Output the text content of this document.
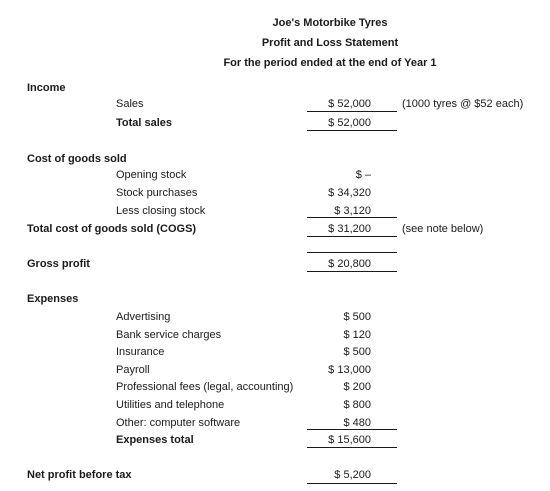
Joe's Motorbike Tyres
Profit and Loss Statement
For the period ended at the end of Year 1
Income
Sales	$ 52,000	(1000 tyres @ $52 each)
Total sales	$ 52,000
Cost of goods sold
Opening stock	$ –
Stock purchases	$ 34,320
Less closing stock	$ 3,120
Total cost of goods sold (COGS)	$ 31,200	(see note below)
Gross profit	$ 20,800
Expenses
Advertising	$ 500
Bank service charges	$ 120
Insurance	$ 500
Payroll	$ 13,000
Professional fees (legal, accounting)	$ 200
Utilities and telephone	$ 800
Other: computer software	$ 480
Expenses total	$ 15,600
Net profit before tax	$ 5,200
